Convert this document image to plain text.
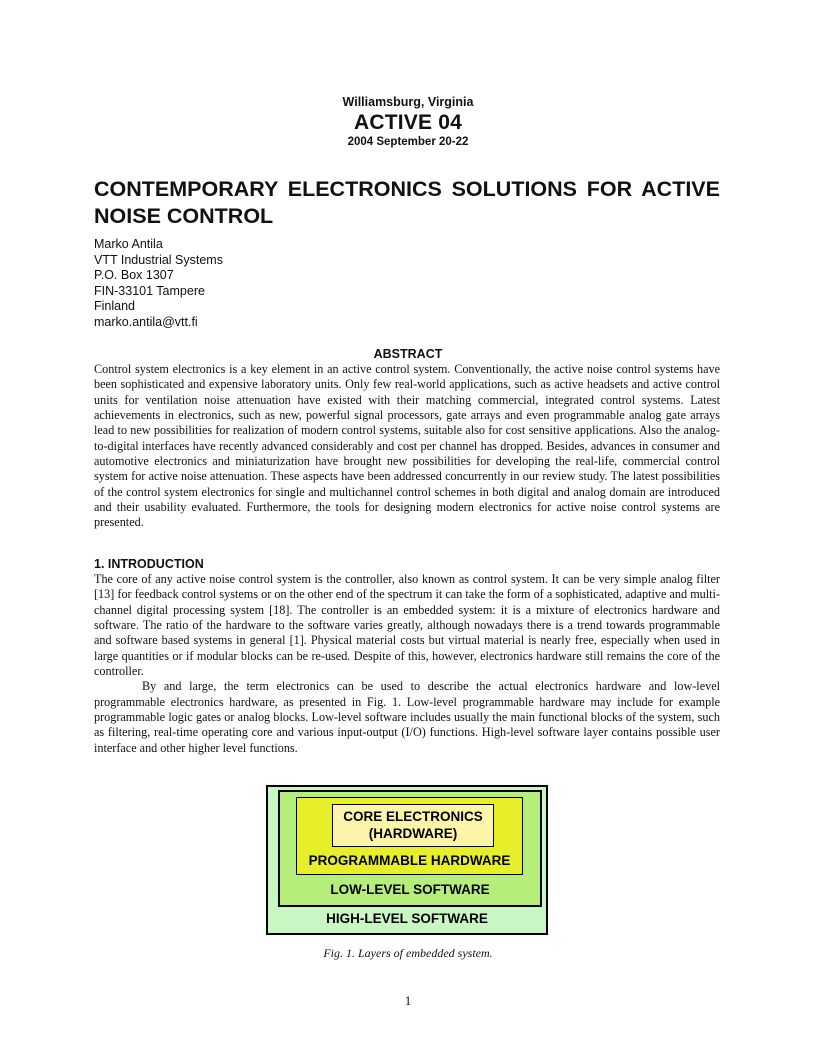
Williamsburg, Virginia
ACTIVE 04
2004 September 20-22
CONTEMPORARY ELECTRONICS SOLUTIONS FOR ACTIVE
NOISE CONTROL
Marko Antila
VTT Industrial Systems
P.O. Box 1307
FIN-33101 Tampere
Finland
marko.antila@vtt.fi
ABSTRACT
Control system electronics is a key element in an active control system. Conventionally, the active noise control systems have been sophisticated and expensive laboratory units. Only few real-world applications, such as active headsets and active control units for ventilation noise attenuation have existed with their matching commercial, integrated control systems. Latest achievements in electronics, such as new, powerful signal processors, gate arrays and even programmable analog gate arrays lead to new possibilities for realization of modern control systems, suitable also for cost sensitive applications. Also the analog-to-digital interfaces have recently advanced considerably and cost per channel has dropped. Besides, advances in consumer and automotive electronics and miniaturization have brought new possibilities for developing the real-life, commercial control system for active noise attenuation. These aspects have been addressed concurrently in our review study. The latest possibilities of the control system electronics for single and multichannel control schemes in both digital and analog domain are introduced and their usability evaluated. Furthermore, the tools for designing modern electronics for active noise control systems are presented.
1. INTRODUCTION

The core of any active noise control system is the controller, also known as control system. It can be very simple analog filter [13] for feedback control systems or on the other end of the spectrum it can take the form of a sophisticated, adaptive and multi-channel digital processing system [18]. The controller is an embedded system: it is a mixture of electronics hardware and software. The ratio of the hardware to the software varies greatly, although nowadays there is a trend towards programmable and software based systems in general [1]. Physical material costs but virtual material is nearly free, especially when used in large quantities or if modular blocks can be re-used. Despite of this, however, electronics hardware still remains the core of the controller.

By and large, the term electronics can be used to describe the actual electronics hardware and low-level programmable electronics hardware, as presented in Fig. 1. Low-level programmable hardware may include for example programmable logic gates or analog blocks. Low-level software includes usually the main functional blocks of the system, such as filtering, real-time operating core and various input-output (I/O) functions. High-level software layer contains possible user interface and other higher level functions.

CORE ELECTRONICS
(HARDWARE)
PROGRAMMABLE HARDWARE
LOW-LEVEL SOFTWARE
HIGH-LEVEL SOFTWARE
Fig. 1. Layers of embedded system.
1
